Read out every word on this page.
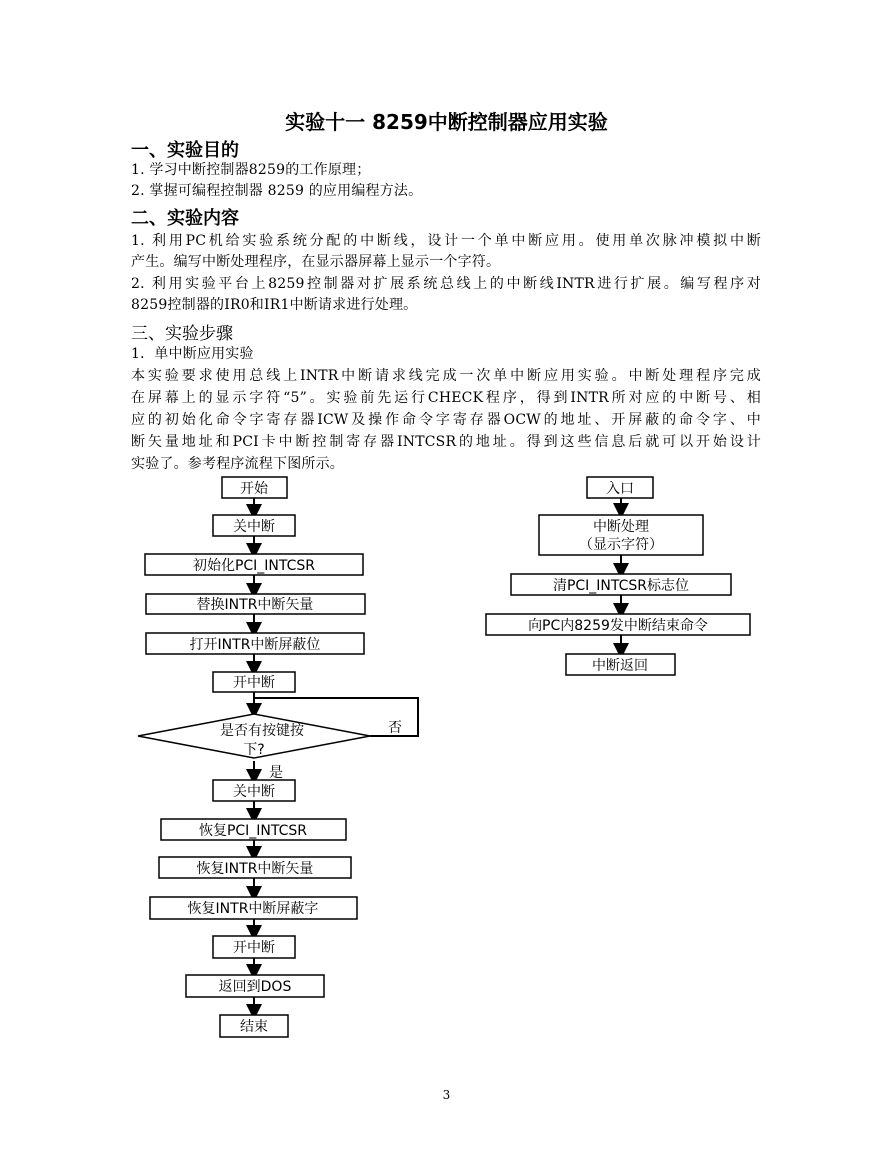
实验十一 8259中断控制器应用实验
一、实验目的
1. 学习中断控制器8259的工作原理；
2. 掌握可编程控制器 8259 的应用编程方法。
二、实验内容
1. 利用PC机给实验系统分配的中断线，设计一个单中断应用。使用单次脉冲模拟中断
产生。编写中断处理程序，在显示器屏幕上显示一个字符。
2. 利用实验平台上8259控制器对扩展系统总线上的中断线INTR进行扩展。编写程序对
8259控制器的IR0和IR1中断请求进行处理。
三、实验步骤
1．单中断应用实验
本实验要求使用总线上INTR中断请求线完成一次单中断应用实验。中断处理程序完成
在屏幕上的显示字符“5”。实验前先运行CHECK程序，得到INTR所对应的中断号、相
应的初始化命令字寄存器ICW及操作命令字寄存器OCW的地址、开屏蔽的命令字、中
断矢量地址和PCI卡中断控制寄存器INTCSR的地址。得到这些信息后就可以开始设计
实验了。参考程序流程下图所示。
开始
关中断
初始化PCI_INTCSR
替换INTR中断矢量
打开INTR中断屏蔽位
开中断
是否有按键按
下?
否
是
关中断
恢复PCI_INTCSR
恢复INTR中断矢量
恢复INTR中断屏蔽字
开中断
返回到DOS
结束
入口
中断处理
（显示字符）
清PCI_INTCSR标志位
向PC内8259发中断结束命令
中断返回
3
